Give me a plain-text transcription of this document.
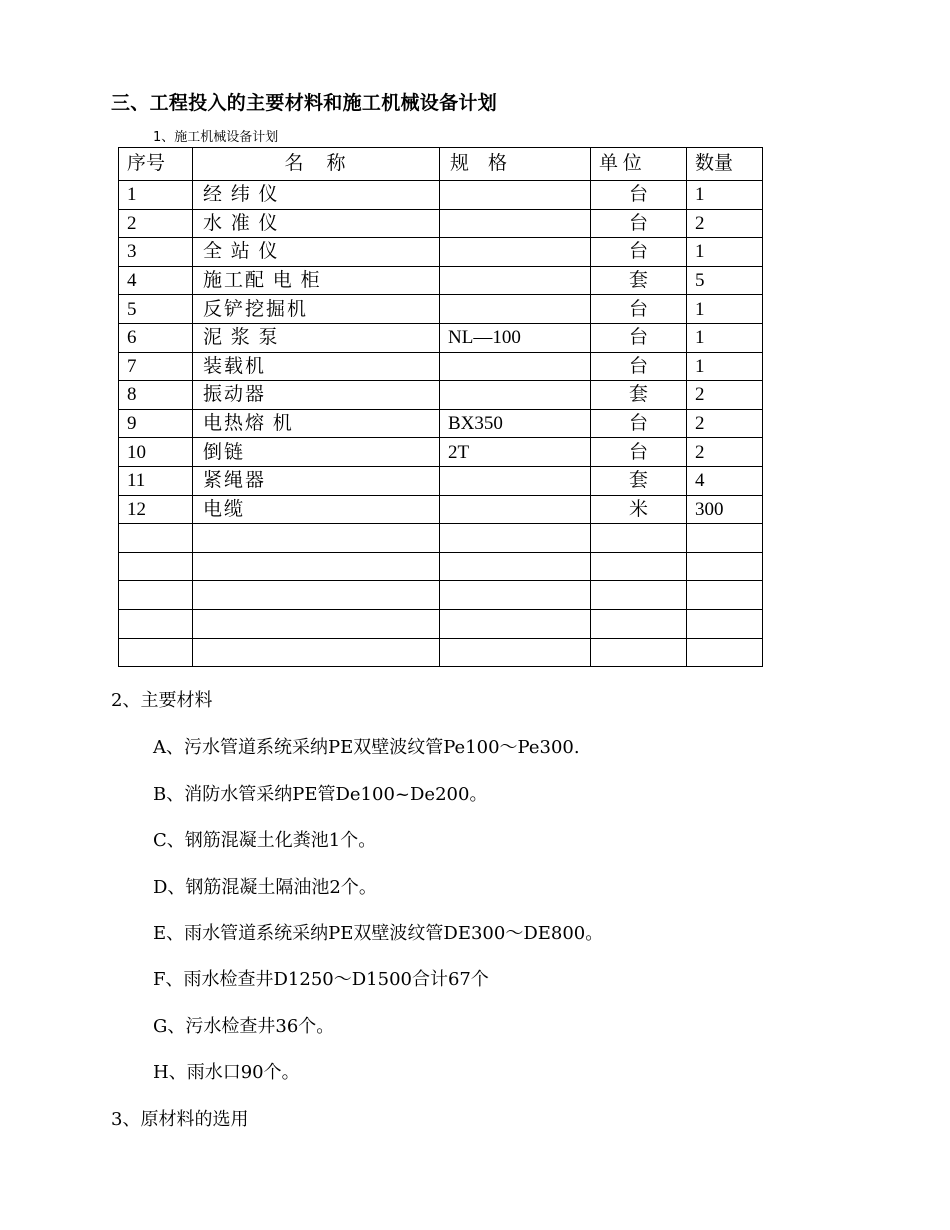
三、工程投入的主要材料和施工机械设备计划
1、施工机械设备计划
序号	名　称	规　格	单 位	数量
1	经 纬 仪		台	1
2	水 准 仪		台	2
3	全 站 仪		台	1
4	施工配 电 柜		套	5
5	反铲挖掘机		台	1
6	泥 浆 泵	NL—100	台	1
7	装载机		台	1
8	振动器		套	2
9	电热熔 机	BX350	台	2
10	倒链	2T	台	2
11	紧绳器		套	4
12	电缆		米	300

2、主要材料
A、污水管道系统采纳PE双壁波纹管Pe100～Pe300.
B、消防水管采纳PE管De100~De200。
C、钢筋混凝土化粪池1个。
D、钢筋混凝土隔油池2个。
E、雨水管道系统采纳PE双壁波纹管DE300～DE800。
F、雨水检查井D1250～D1500合计67个
G、污水检查井36个。
H、雨水口90个。
3、原材料的选用
